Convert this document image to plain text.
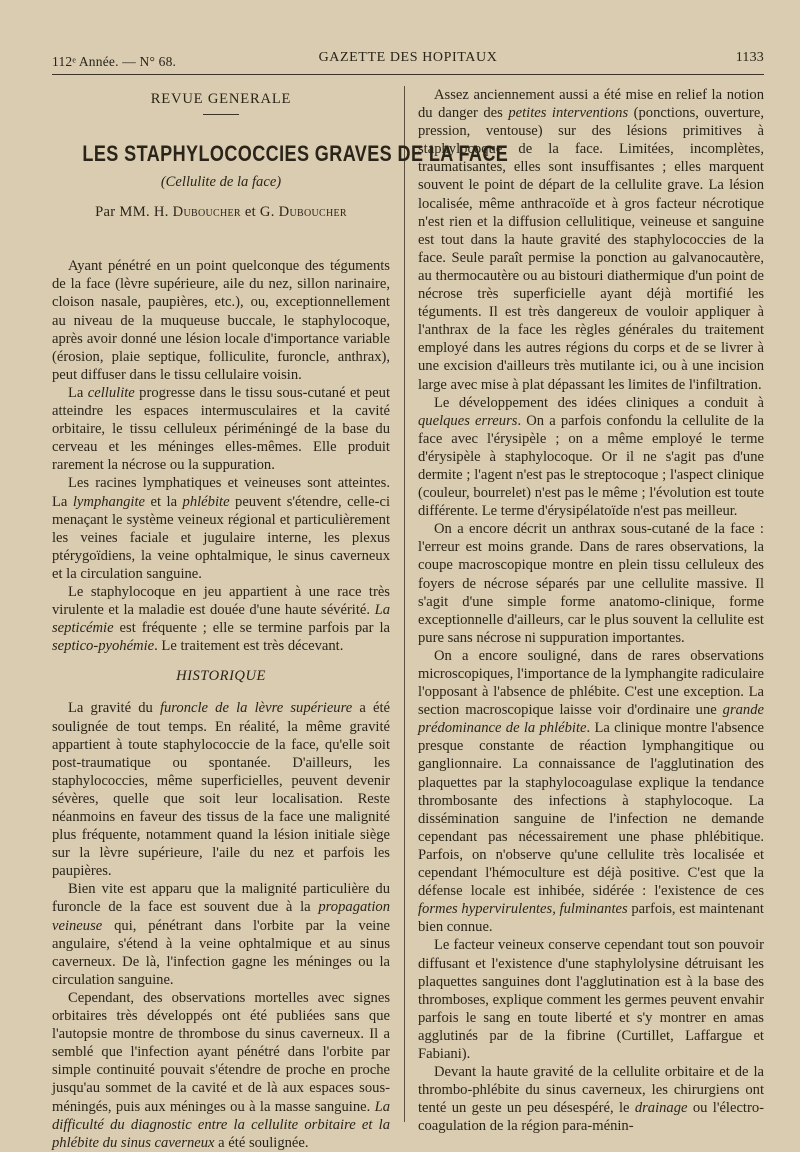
112ᵉ Année. — N° 68.	GAZETTE DES HOPITAUX	1133
REVUE GENERALE
LES STAPHYLOCOCCIES GRAVES DE LA FACE
(Cellulite de la face)
Par MM. H. Duboucher et G. Duboucher

Ayant pénétré en un point quelconque des téguments de la face (lèvre supérieure, aile du nez, sillon narinaire, cloison nasale, paupières, etc.), ou, exceptionnellement au niveau de la muqueuse buccale, le staphylocoque, après avoir donné une lésion locale d'importance variable (érosion, plaie septique, folliculite, furoncle, anthrax), peut diffuser dans le tissu cellulaire voisin.

La cellulite progresse dans le tissu sous-cutané et peut atteindre les espaces intermusculaires et la cavité orbitaire, le tissu celluleux périméningé de la base du cerveau et les méninges elles-mêmes. Elle produit rarement la nécrose ou la suppuration.

Les racines lymphatiques et veineuses sont atteintes. La lymphangite et la phlébite peuvent s'étendre, celle-ci menaçant le système veineux régional et particulièrement les veines faciale et jugulaire interne, les plexus ptérygoïdiens, la veine ophtalmique, le sinus caverneux et la circulation sanguine.

Le staphylocoque en jeu appartient à une race très virulente et la maladie est douée d'une haute sévérité. La septicémie est fréquente ; elle se termine parfois par la septico-pyohémie. Le traitement est très décevant.

HISTORIQUE

La gravité du furoncle de la lèvre supérieure a été soulignée de tout temps. En réalité, la même gravité appartient à toute staphylococcie de la face, qu'elle soit post-traumatique ou spontanée. D'ailleurs, les staphylococcies, même superficielles, peuvent devenir sévères, quelle que soit leur localisation. Reste néanmoins en faveur des tissus de la face une malignité plus fréquente, notamment quand la lésion initiale siège sur la lèvre supérieure, l'aile du nez et parfois les paupières.

Bien vite est apparu que la malignité particulière du furoncle de la face est souvent due à la propagation veineuse qui, pénétrant dans l'orbite par la veine angulaire, s'étend à la veine ophtalmique et au sinus caverneux. De là, l'infection gagne les méninges ou la circulation sanguine.

Cependant, des observations mortelles avec signes orbitaires très développés ont été publiées sans que l'autopsie montre de thrombose du sinus caverneux. Il a semblé que l'infection ayant pénétré dans l'orbite par simple continuité pouvait s'étendre de proche en proche jusqu'au sommet de la cavité et de là aux espaces sous-méningés, puis aux méninges ou à la masse sanguine. La difficulté du diagnostic entre la cellulite orbitaire et la phlébite du sinus caverneux a été soulignée.

Assez anciennement aussi a été mise en relief la notion du danger des petites interventions (ponctions, ouverture, pression, ventouse) sur des lésions primitives à staphylocoque de la face. Limitées, incomplètes, traumatisantes, elles sont insuffisantes ; elles marquent souvent le point de départ de la cellulite grave. La lésion localisée, même anthracoïde et à gros facteur nécrotique n'est rien et la diffusion cellulitique, veineuse et sanguine est tout dans la haute gravité des staphylococcies de la face. Seule paraît permise la ponction au galvanocautère, au thermocautère ou au bistouri diathermique d'un point de nécrose très superficielle ayant déjà mortifié les téguments. Il est très dangereux de vouloir appliquer à l'anthrax de la face les règles générales du traitement employé dans les autres régions du corps et de se livrer à une excision d'ailleurs très mutilante ici, ou à une incision large avec mise à plat dépassant les limites de l'infiltration.

Le développement des idées cliniques a conduit à quelques erreurs. On a parfois confondu la cellulite de la face avec l'érysipèle ; on a même employé le terme d'érysipèle à staphylocoque. Or il ne s'agit pas d'une dermite ; l'agent n'est pas le streptocoque ; l'aspect clinique (couleur, bourrelet) n'est pas le même ; l'évolution est toute différente. Le terme d'érysipélatoïde n'est pas meilleur.

On a encore décrit un anthrax sous-cutané de la face : l'erreur est moins grande. Dans de rares observations, la coupe macroscopique montre en plein tissu celluleux des foyers de nécrose séparés par une cellulite massive. Il s'agit d'une simple forme anatomo-clinique, forme exceptionnelle d'ailleurs, car le plus souvent la cellulite est pure sans nécrose ni suppuration importantes.

On a encore souligné, dans de rares observations microscopiques, l'importance de la lymphangite radiculaire l'opposant à l'absence de phlébite. C'est une exception. La section macroscopique laisse voir d'ordinaire une grande prédominance de la phlébite. La clinique montre l'absence presque constante de réaction lymphangitique ou ganglionnaire. La connaissance de l'agglutination des plaquettes par la staphylocoagulase explique la tendance thrombosante des infections à staphylocoque. La dissémination sanguine de l'infection ne demande cependant pas nécessairement une phase phlébitique. Parfois, on n'observe qu'une cellulite très localisée et cependant l'hémoculture est déjà positive. C'est que la défense locale est inhibée, sidérée : l'existence de ces formes hypervirulentes, fulminantes parfois, est maintenant bien connue.

Le facteur veineux conserve cependant tout son pouvoir diffusant et l'existence d'une staphylolysine détruisant les plaquettes sanguines dont l'agglutination est à la base des thromboses, explique comment les germes peuvent envahir parfois le sang en toute liberté et s'y montrer en amas agglutinés par de la fibrine (Curtillet, Laffargue et Fabiani).

Devant la haute gravité de la cellulite orbitaire et de la thrombo-phlébite du sinus caverneux, les chirurgiens ont tenté un geste un peu désespéré, le drainage ou l'électro-coagulation de la région para-ménin-
